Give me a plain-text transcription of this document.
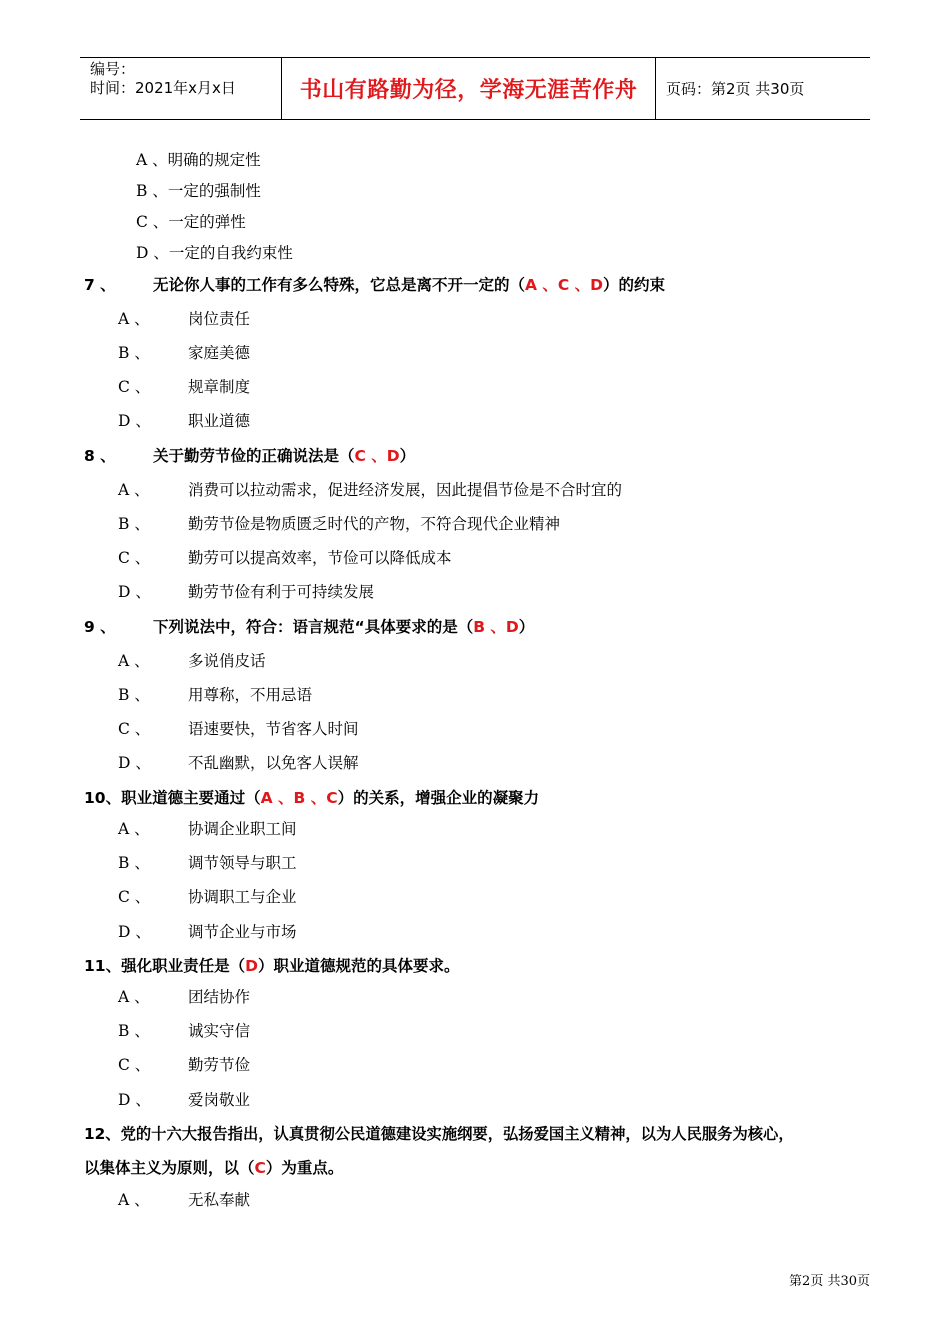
编号：
时间：2021年x月x日	书山有路勤为径，学海无涯苦作舟	页码：第2页 共30页
A 、明确的规定性
B 、一定的强制性
C 、一定的弹性
D 、一定的自我约束性
7 、 无论你人事的工作有多么特殊，它总是离不开一定的（A 、C 、D）的约束
A 、 岗位责任
B 、 家庭美德
C 、 规章制度
D 、 职业道德
8 、 关于勤劳节俭的正确说法是（C 、D）
A 、 消费可以拉动需求，促进经济发展，因此提倡节俭是不合时宜的
B 、 勤劳节俭是物质匮乏时代的产物，不符合现代企业精神
C 、 勤劳可以提高效率，节俭可以降低成本
D 、 勤劳节俭有利于可持续发展
9 、 下列说法中，符合：语言规范“具体要求的是（B 、D）
A 、 多说俏皮话
B 、 用尊称，不用忌语
C 、 语速要快，节省客人时间
D 、 不乱幽默，以免客人误解
10、职业道德主要通过（A 、B 、C）的关系，增强企业的凝聚力
A 、 协调企业职工间
B 、 调节领导与职工
C 、 协调职工与企业
D 、 调节企业与市场
11、强化职业责任是（D）职业道德规范的具体要求。
A 、 团结协作
B 、 诚实守信
C 、 勤劳节俭
D 、 爱岗敬业
12、党的十六大报告指出，认真贯彻公民道德建设实施纲要，弘扬爱国主义精神，以为人民服务为核心，
以集体主义为原则，以（C）为重点。
A 、 无私奉献
第2页 共30页
